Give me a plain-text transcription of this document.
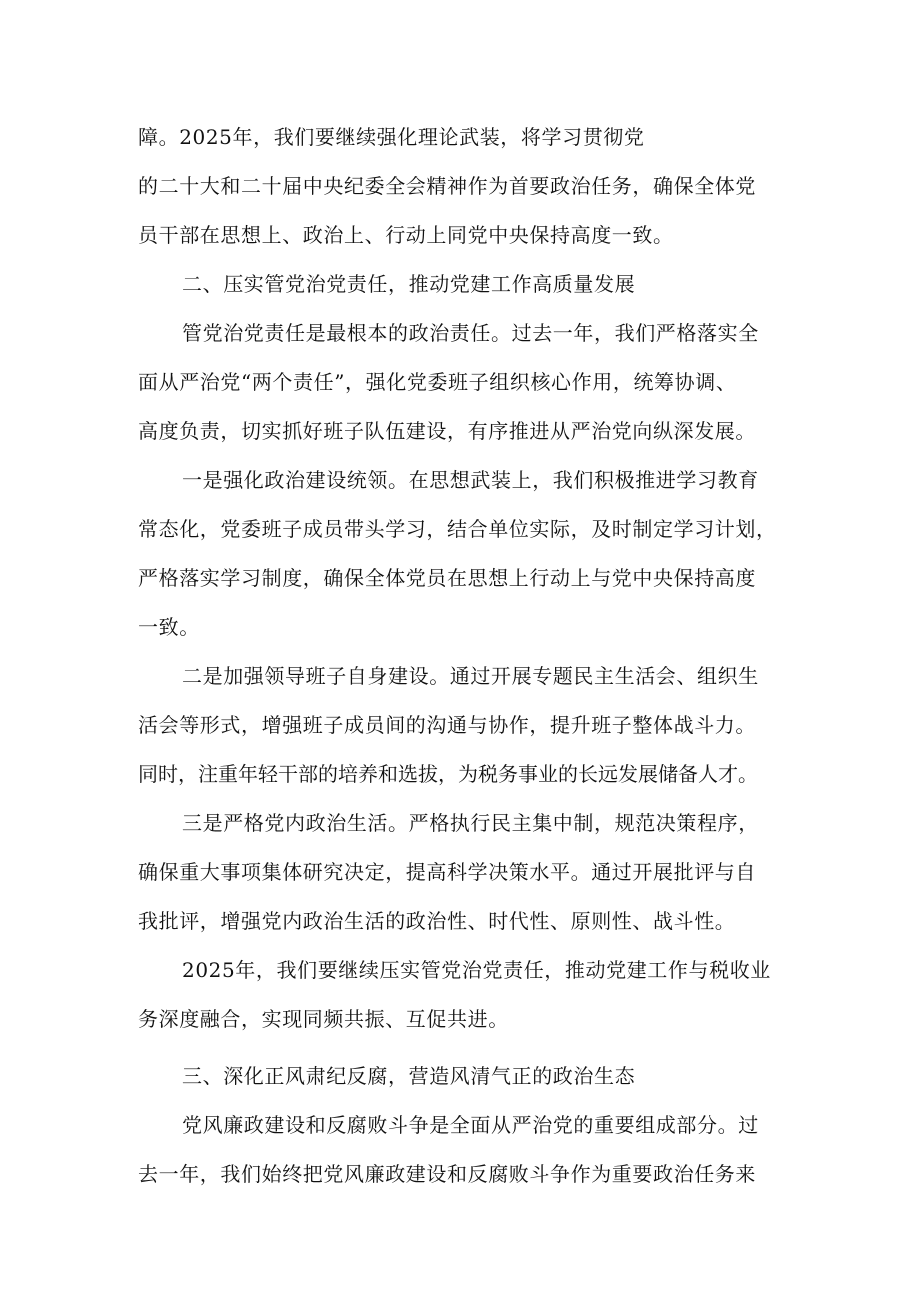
障。2025年，我们要继续强化理论武装，将学习贯彻党
的二十大和二十届中央纪委全会精神作为首要政治任务，确保全体党
员干部在思想上、政治上、行动上同党中央保持高度一致。
二、压实管党治党责任，推动党建工作高质量发展
管党治党责任是最根本的政治责任。过去一年，我们严格落实全
面从严治党“两个责任”，强化党委班子组织核心作用，统筹协调、
高度负责，切实抓好班子队伍建设，有序推进从严治党向纵深发展。
一是强化政治建设统领。在思想武装上，我们积极推进学习教育
常态化，党委班子成员带头学习，结合单位实际，及时制定学习计划，
严格落实学习制度，确保全体党员在思想上行动上与党中央保持高度
一致。
二是加强领导班子自身建设。通过开展专题民主生活会、组织生
活会等形式，增强班子成员间的沟通与协作，提升班子整体战斗力。
同时，注重年轻干部的培养和选拔，为税务事业的长远发展储备人才。
三是严格党内政治生活。严格执行民主集中制，规范决策程序，
确保重大事项集体研究决定，提高科学决策水平。通过开展批评与自
我批评，增强党内政治生活的政治性、时代性、原则性、战斗性。
2025年，我们要继续压实管党治党责任，推动党建工作与税收业
务深度融合，实现同频共振、互促共进。
三、深化正风肃纪反腐，营造风清气正的政治生态
党风廉政建设和反腐败斗争是全面从严治党的重要组成部分。过
去一年，我们始终把党风廉政建设和反腐败斗争作为重要政治任务来
